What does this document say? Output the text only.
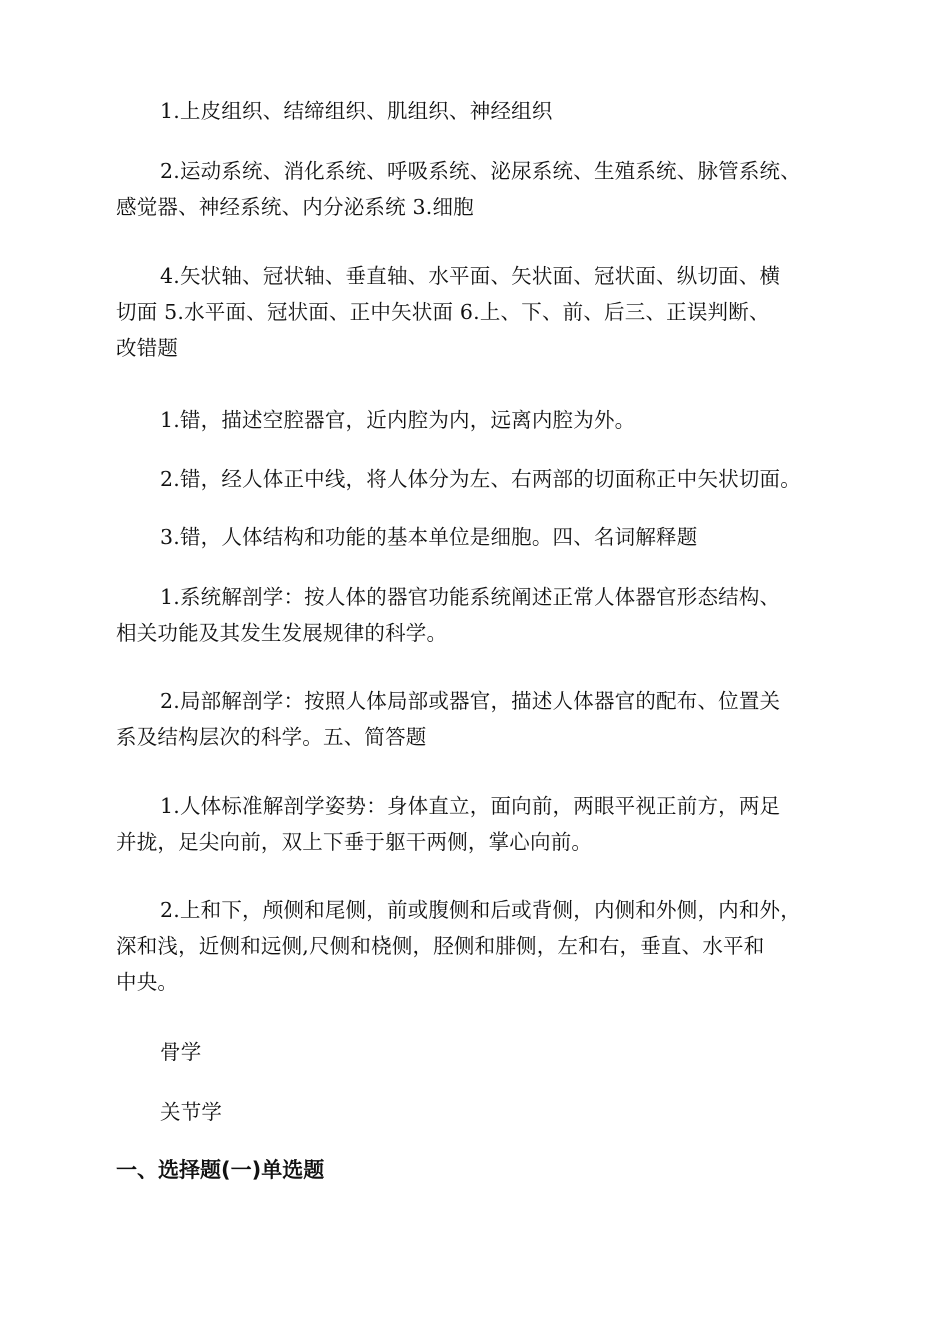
1.上皮组织、结缔组织、肌组织、神经组织
2.运动系统、消化系统、呼吸系统、泌尿系统、生殖系统、脉管系统、
感觉器、神经系统、内分泌系统 3.细胞
4.矢状轴、冠状轴、垂直轴、水平面、矢状面、冠状面、纵切面、横
切面 5.水平面、冠状面、正中矢状面 6.上、下、前、后三、正误判断、
改错题
1.错，描述空腔器官，近内腔为内，远离内腔为外。
2.错，经人体正中线，将人体分为左、右两部的切面称正中矢状切面。
3.错，人体结构和功能的基本单位是细胞。四、名词解释题
1.系统解剖学：按人体的器官功能系统阐述正常人体器官形态结构、
相关功能及其发生发展规律的科学。
2.局部解剖学：按照人体局部或器官，描述人体器官的配布、位置关
系及结构层次的科学。五、简答题
1.人体标准解剖学姿势：身体直立，面向前，两眼平视正前方，两足
并拢，足尖向前，双上下垂于躯干两侧，掌心向前。
2.上和下，颅侧和尾侧，前或腹侧和后或背侧，内侧和外侧，内和外，
深和浅，近侧和远侧,尺侧和桡侧，胫侧和腓侧，左和右，垂直、水平和
中央。
骨学
关节学
一、选择题(一)单选题
